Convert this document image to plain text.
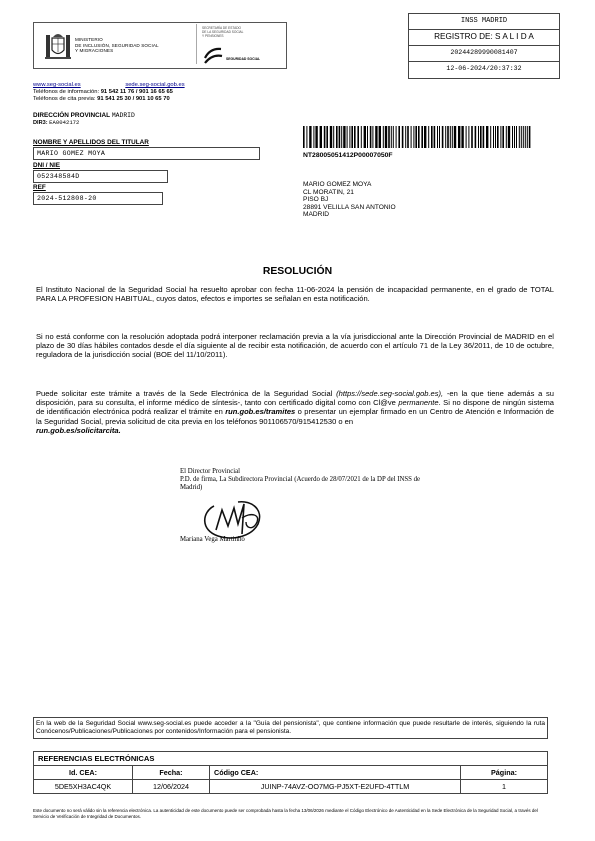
MINISTERIO
DE INCLUSIÓN, SEGURIDAD SOCIAL
Y MIGRACIONES
SECRETARÍA DE ESTADO
DE LA SEGURIDAD SOCIAL
Y PENSIONES
SEGURIDAD SOCIAL
INSS MADRID
REGISTRO DE: S A L I D A
20244289990081407
12-06-2024/20:37:32
www.seg-social.es	sede.seg-social.gob.es
Teléfonos de información: 91 542 11 76 / 901 16 65 65
Teléfonos de cita previa: 91 541 25 30 / 901 10 65 70
DIRECCIÓN PROVINCIAL MADRID
DIR3: EA0042172
NOMBRE Y APELLIDOS DEL TITULAR
MARIO GOMEZ MOYA
DNI / NIE
052348584D
REF
2024-512808-20
NT28005051412P00007050F
MARIO GOMEZ MOYA
CL MORATIN, 21
PISO BJ
28891 VELILLA SAN ANTONIO
MADRID
RESOLUCIÓN
El Instituto Nacional de la Seguridad Social ha resuelto aprobar con fecha 11-06-2024 la pensión de incapacidad permanente, en el grado de TOTAL PARA LA PROFESION HABITUAL, cuyos datos, efectos e importes se señalan en esta notificación.
Si no está conforme con la resolución adoptada podrá interponer reclamación previa a la vía jurisdiccional ante la Dirección Provincial de MADRID en el plazo de 30 días hábiles contados desde el día siguiente al de recibir esta notificación, de acuerdo con el artículo 71 de la Ley 36/2011, de 10 de octubre, reguladora de la jurisdicción social (BOE del 11/10/2011).
Puede solicitar este trámite a través de la Sede Electrónica de la Seguridad Social (https://sede.seg-social.gob.es), -en la que tiene además a su disposición, para su consulta, el informe médico de síntesis-, tanto con certificado digital como con Cl@ve permanente. Si no dispone de ningún sistema de identificación electrónica podrá realizar el trámite en run.gob.es/tramites o presentar un ejemplar firmado en un Centro de Atención e Información de la Seguridad Social, previa solicitud de cita previa en los teléfonos 901106570/915412530 o en
run.gob.es/solicitarcita.
El Director Provincial
P.D. de firma, La Subdirectora Provincial (Acuerdo de 28/07/2021 de la DP del INSS de
Madrid)
Mariana Vega Martinho
En la web de la Seguridad Social www.seg-social.es puede acceder a la "Guía del pensionista", que contiene información que puede resultarle de interés, siguiendo la ruta Conócenos/Publicaciones/Publicaciones por contenidos/Información para el pensionista.
REFERENCIAS ELECTRÓNICAS			
Id. CEA:	Fecha:	Código CEA:	Página:
5DE5XH3AC4QK	12/06/2024	JUINP-74AVZ-OO7MG-PJ5XT-E2UFD-4TTLM	1
Este documento no será válido sin la referencia electrónica. La autenticidad de este documento puede ser comprobada hasta la fecha 13/06/2026 mediante el Código Electrónico de Autenticidad en la Sede Electrónica de la Seguridad Social, a través del Servicio de Verificación de Integridad de Documentos.
